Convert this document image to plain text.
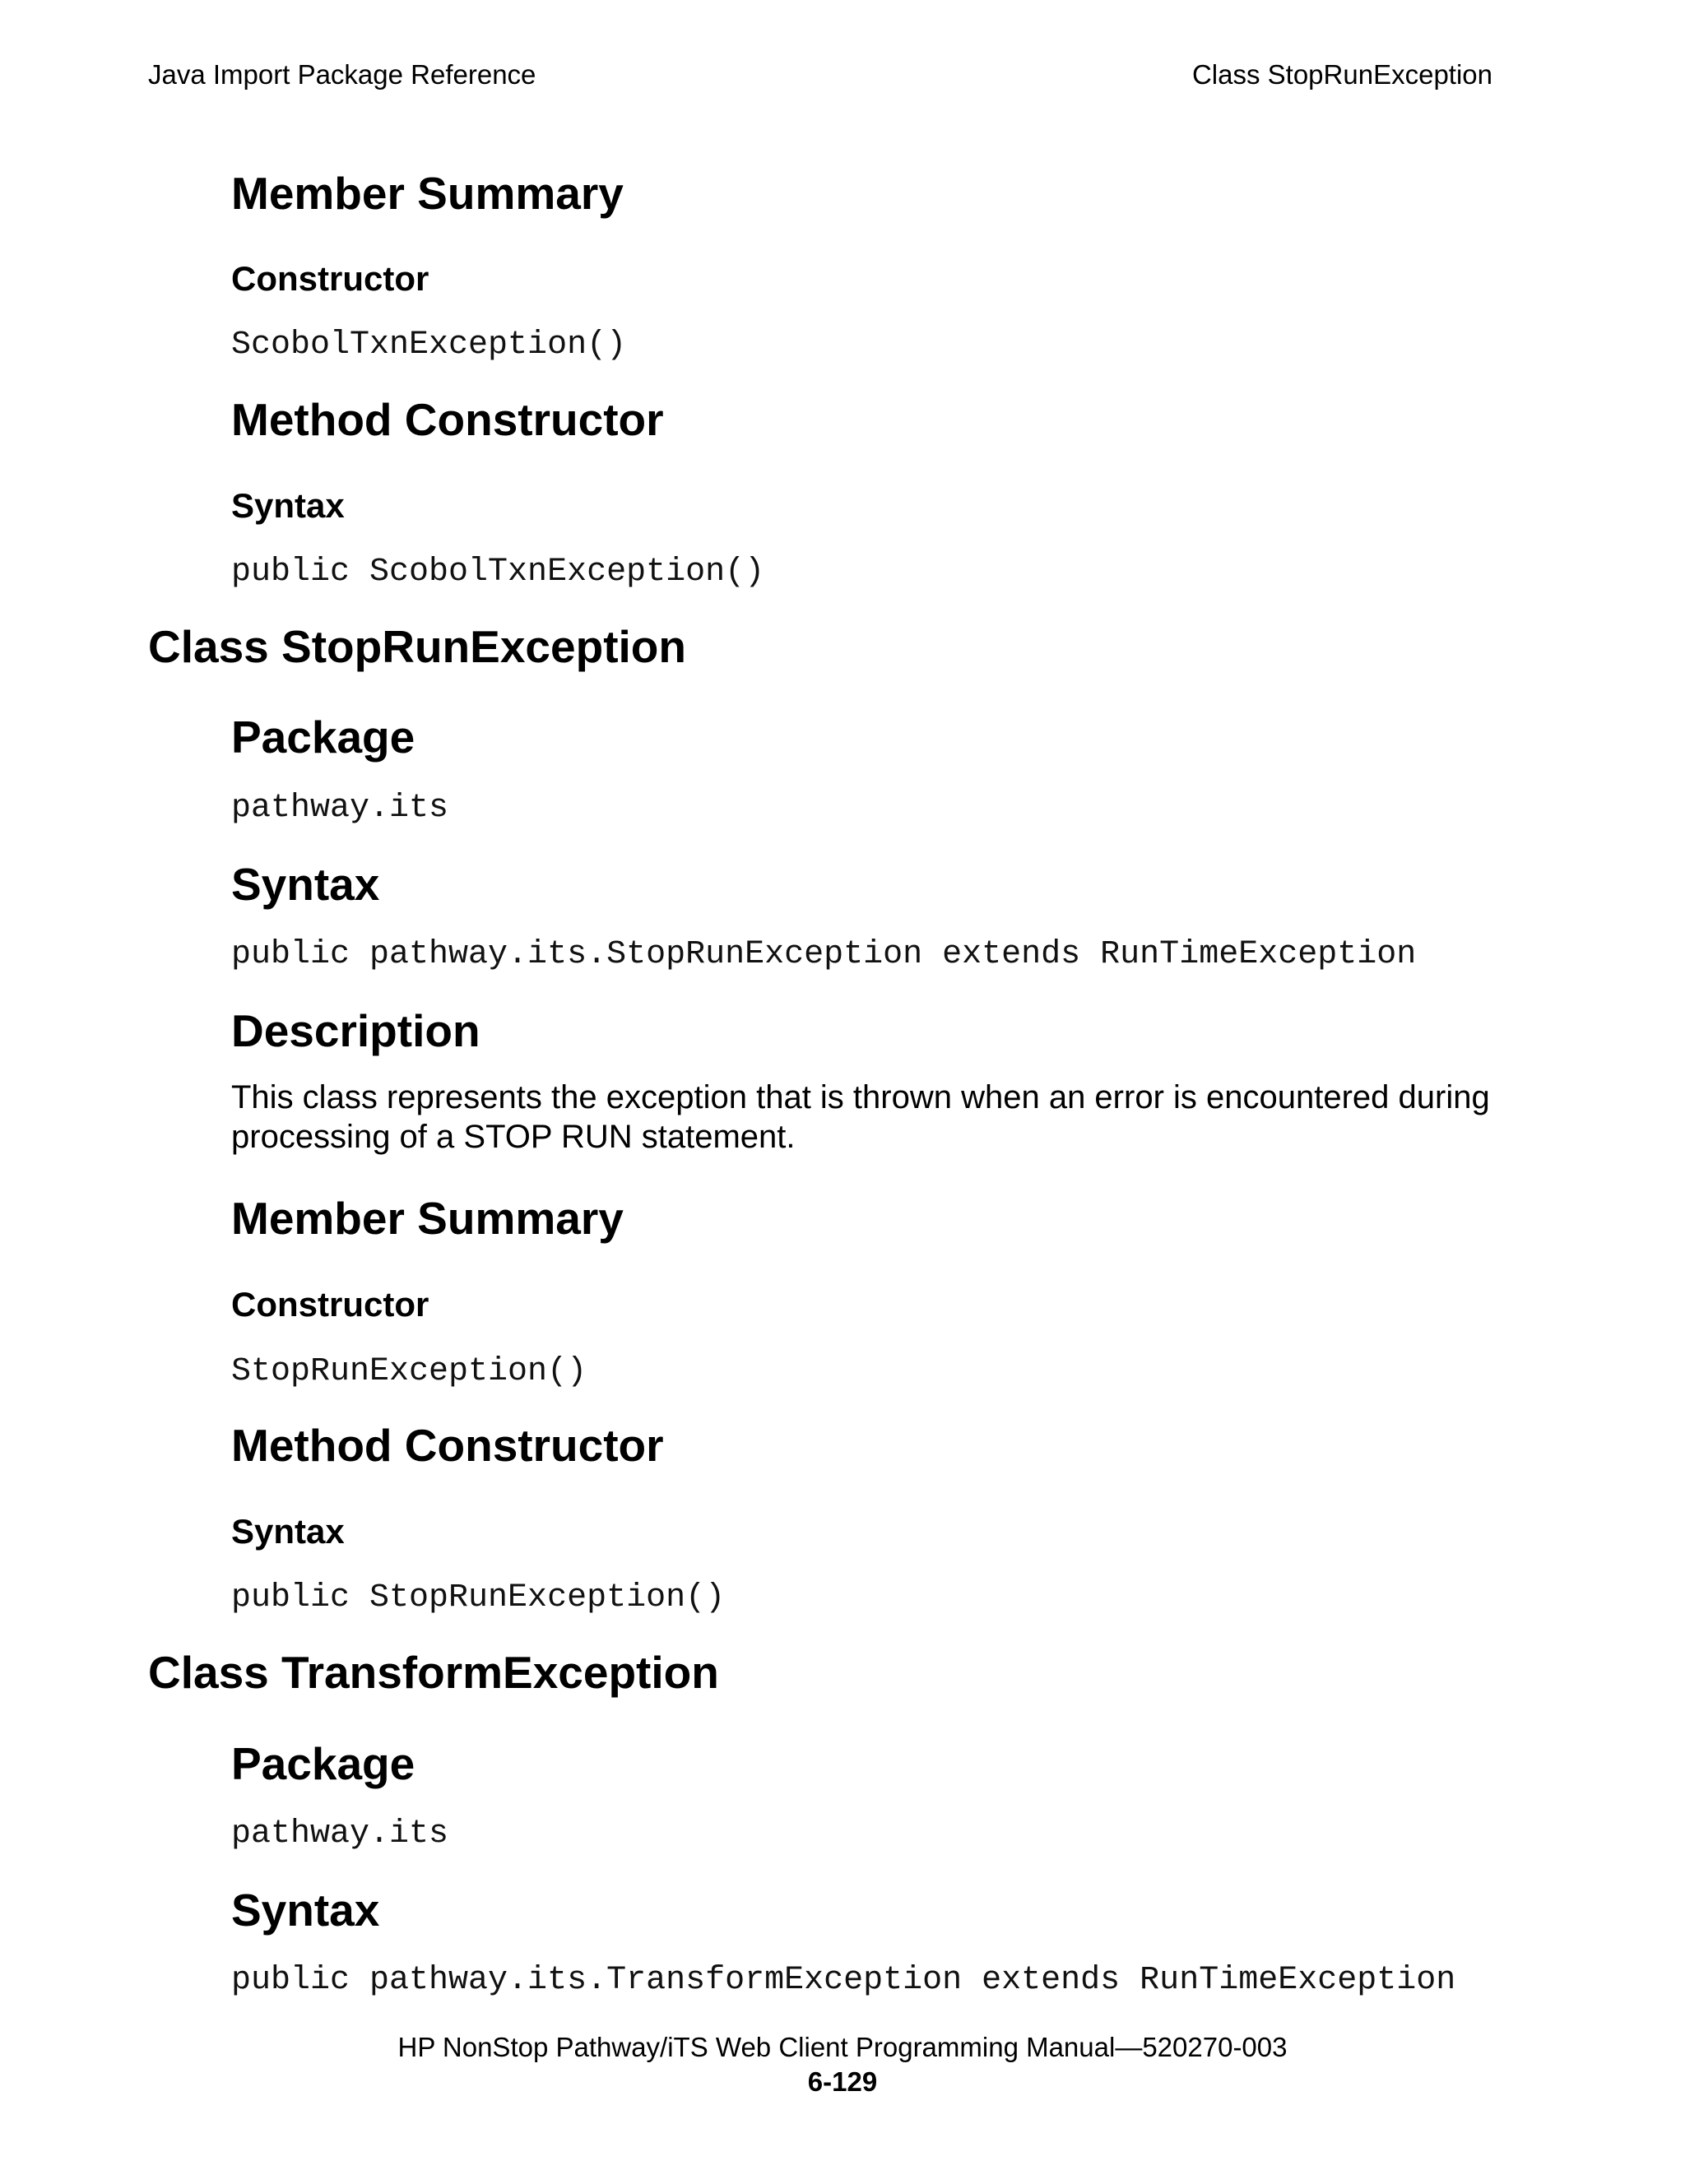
Java Import Package Reference	Class StopRunException
Member Summary
Constructor
ScobolTxnException()
Method Constructor
Syntax
public ScobolTxnException()
Class StopRunException
Package
pathway.its
Syntax
public pathway.its.StopRunException extends RunTimeException
Description
This class represents the exception that is thrown when an error is encountered during processing of a STOP RUN statement.
Member Summary
Constructor
StopRunException()
Method Constructor
Syntax
public StopRunException()
Class TransformException
Package
pathway.its
Syntax
public pathway.its.TransformException extends RunTimeException
HP NonStop Pathway/iTS Web Client Programming Manual—520270-003
6-129
